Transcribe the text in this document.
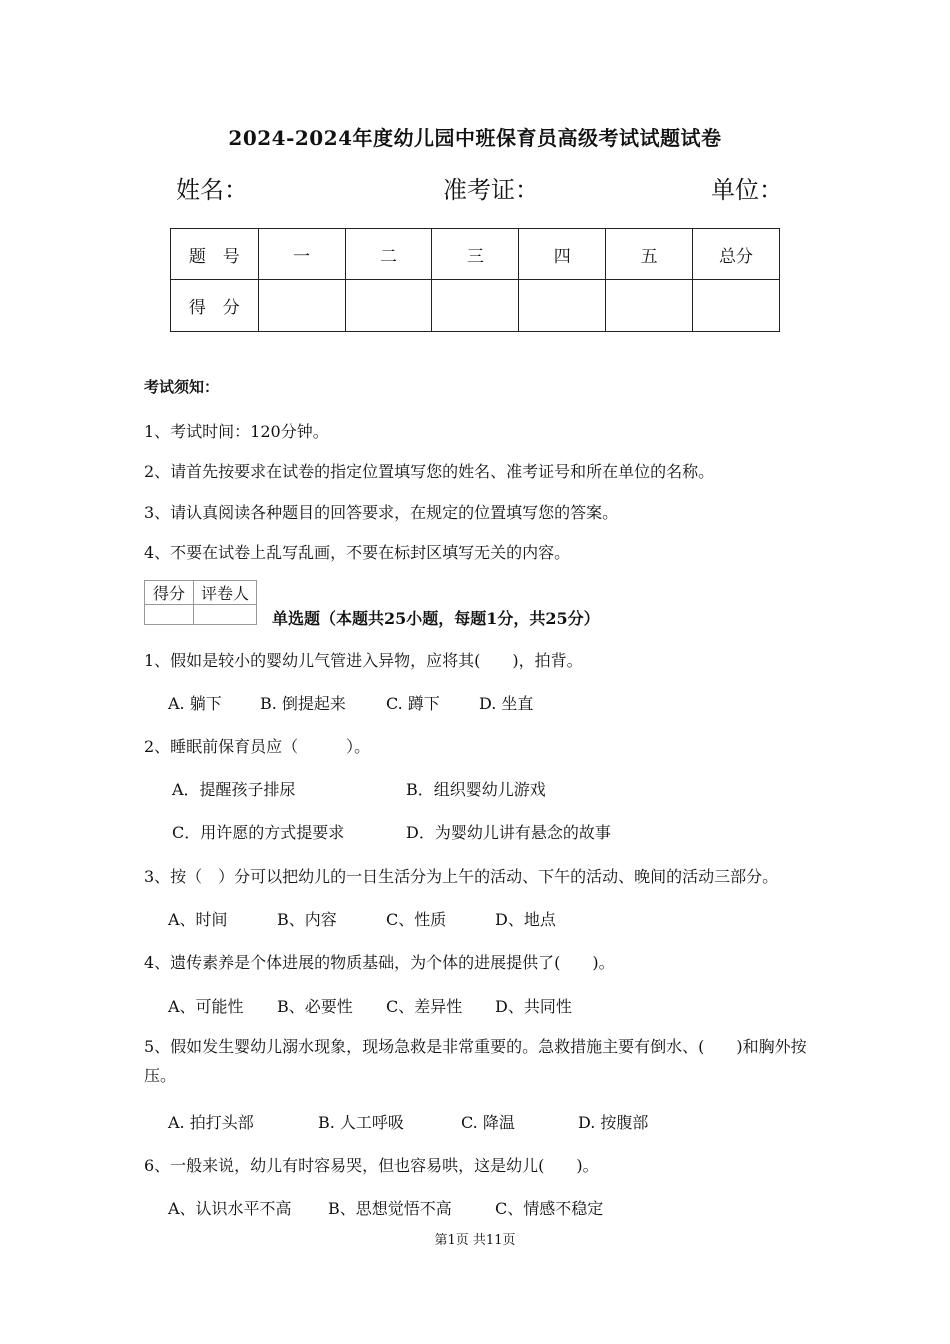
2024-2024年度幼儿园中班保育员高级考试试题试卷
姓名：	准考证：	单位：
题　号	一	二	三	四	五	总分
得　分						
考试须知：
1、考试时间：120分钟。
2、请首先按要求在试卷的指定位置填写您的姓名、准考证号和所在单位的名称。
3、请认真阅读各种题目的回答要求，在规定的位置填写您的答案。
4、不要在试卷上乱写乱画，不要在标封区填写无关的内容。
得分	评卷人

单选题（本题共25小题，每题1分，共25分）
1、假如是较小的婴幼儿气管进入异物，应将其(　　)，拍背。
A. 躺下 B. 倒提起来	C. 蹲下 D. 坐直
2、睡眠前保育员应（　　　）。
A．提醒孩子排尿	B．组织婴幼儿游戏
C．用许愿的方式提要求	D．为婴幼儿讲有悬念的故事
3、按（　）分可以把幼儿的一日生活分为上午的活动、下午的活动、晚间的活动三部分。
A、时间	B、内容	C、性质	D、地点
4、遗传素养是个体进展的物质基础，为个体的进展提供了(　　)。
A、可能性 B、必要性 C、差异性 D、共同性
5、假如发生婴幼儿溺水现象，现场急救是非常重要的。急救措施主要有倒水、(　　)和胸外按压。
A. 拍打头部	B. 人工呼吸	C. 降温	D. 按腹部
6、一般来说，幼儿有时容易哭，但也容易哄，这是幼儿(　　)。
A、认识水平不高 B、思想觉悟不高	C、情感不稳定
第1页 共11页
